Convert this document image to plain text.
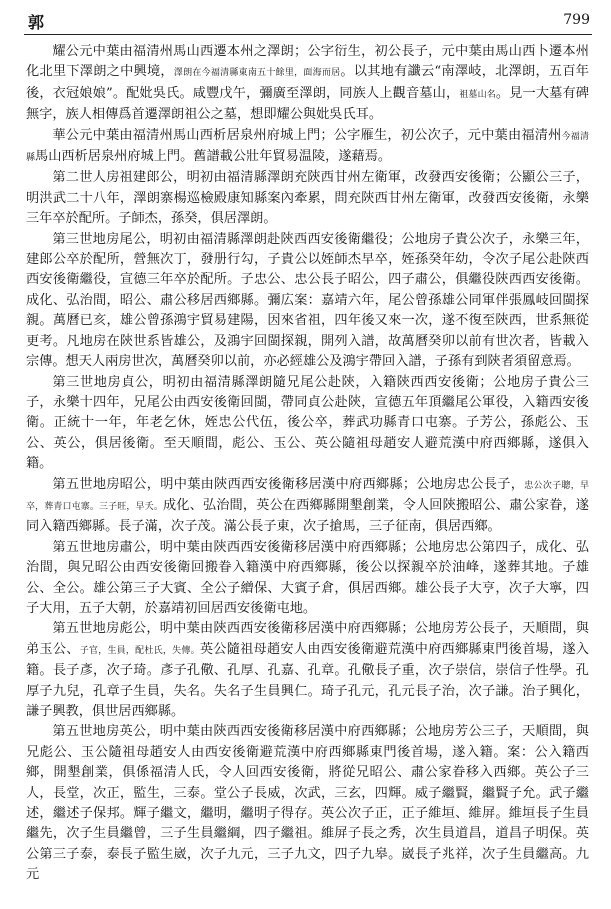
郭	799

耀公元中葉由福清州馬山西遷本州之澤朗；公字衍生，初公長子，元中葉由馬山西卜遷本州化北里下澤朗之中興境，澤朗在今福清縣東南五十餘里，面海而居。以其地有讖云“南澤岐，北澤朗，五百年後，衣冠娘娘”。配妣吳氏。咸豐戊午，彌廣至澤朗，同族人上觀音墓山，祖墓山名。見一大墓有碑無字，族人相傳爲首遷澤朗祖公之墓，想即耀公與妣吳氏耳。

華公元中葉由福清州馬山西析居泉州府城上門；公字雁生，初公次子，元中葉由福清州今福清縣馬山西析居泉州府城上門。舊譜載公壯年貿易温陵，遂藉焉。

第二世人房祖建郎公，明初由福清縣澤朗充陝西甘州左衛軍，改發西安後衛；公顯公三子，明洪武二十八年，澤朗寨楊巡檢殿康知縣案內牽累，問充陝西甘州左衛軍，改發西安後衛，永樂三年卒於配所。子師杰，孫癸，俱居澤朗。

第三世地房尾公，明初由福清縣澤朗赴陝西西安後衛繼役；公地房子貴公次子，永樂三年，建郎公卒於配所，營無次丁，發册行勾，子貴公以姪師杰早卒，姪孫癸年幼，令次子尾公赴陝西西安後衛繼役，宣德三年卒於配所。子忠公、忠公長子昭公，四子肅公，俱繼役陝西西安後衛。成化、弘治間，昭公、肅公移居西鄉縣。彌広案：嘉靖六年，尾公曾孫雄公同軍伴張鳳岐回閩探親。萬曆已亥，雄公曾孫鴻宇貿易建陽，因來省祖，四年後又來一次，遂不復至陝西，世系無從更考。凡地房在陝世系皆雄公，及鴻宇回閩探親，開列入譜，故萬曆癸卯以前有世次者，皆載入宗傳。想天人兩房世次，萬曆癸卯以前，亦必經雄公及鴻宇帶回入譜，子孫有到陝者須留意焉。

第三世地房貞公，明初由福清縣澤朗隨兄尾公赴陝，入籍陝西西安後衛；公地房子貴公三子，永樂十四年，兄尾公由西安後衛回閩，帶同貞公赴陝，宣德五年頂繼尾公軍役，入籍西安後衛。正統十一年，年老乞休，姪忠公代伍，後公卒，葬武功縣青口屯寨。子芳公，孫彪公、玉公、英公，俱居後衛。至天順間，彪公、玉公、英公隨祖母趙安人避荒漢中府西鄉縣，遂俱入籍。

第五世地房昭公，明中葉由陝西西安後衛移居漢中府西鄉縣；公地房忠公長子，忠公次子聰，早卒，葬青口屯寨。三子旺，早夭。成化、弘治間，英公在西鄉縣開墾創業，令人回陝搬昭公、肅公家眷，遂同入籍西鄉縣。長子滿，次子茂。滿公長子東，次子搶馬，三子征南，俱居西鄉。

第五世地房肅公，明中葉由陝西西安後衛移居漢中府西鄉縣；公地房忠公第四子，成化、弘治間，與兄昭公由西安後衛回搬眷入籍漢中府西鄉縣，後公以探親卒於油峰，遂葬其地。子雄公、全公。雄公第三子大賓、全公子繒保、大賓子倉，俱居西鄉。雄公長子大亨，次子大寧，四子大用，五子大朝，於嘉靖初回居西安後衛屯地。

第五世地房彪公，明中葉由陝西西安後衛移居漢中府西鄉縣；公地房芳公長子，天順間，與弟玉公、子官，生員，配杜氏，失傳。英公隨祖母趙安人由西安後衛避荒漢中府西鄉縣東門後首場，遂入籍。長子彥，次子琦。彥子孔儆、孔厚、孔嘉、孔章。孔儆長子重，次子崇信，崇信子性學。孔厚子九兒，孔章子生員，失名。失名子生員興仁。琦子孔元，孔元長子治，次子謙。治子興化，謙子興教，俱世居西鄉縣。

第五世地房英公，明中葉由陝西西安後衛移居漢中府西鄉縣；公地房芳公三子，天順間，與兄彪公、玉公隨祖母趙安人由西安後衛避荒漢中府西鄉縣東門後首場，遂入籍。案：公入籍西鄉，開墾創業，俱係福清人氏，令人回西安後衛，將從兄昭公、肅公家眷移入西鄉。英公子三人，長堂，次正，監生，三泰。堂公子長威，次武，三玄，四輝。威子繼賢，繼賢子允。武子繼述，繼述子保邦。輝子繼文，繼明，繼明子得存。英公次子正，正子維垣、維屏。維垣長子生員繼先，次子生員繼曾，三子生員繼綱，四子繼祖。維屏子長之秀，次生員道昌，道昌子明保。英公第三子泰，泰長子監生崴，次子九元，三子九文，四子九皋。崴長子兆祥，次子生員繼高。九元
